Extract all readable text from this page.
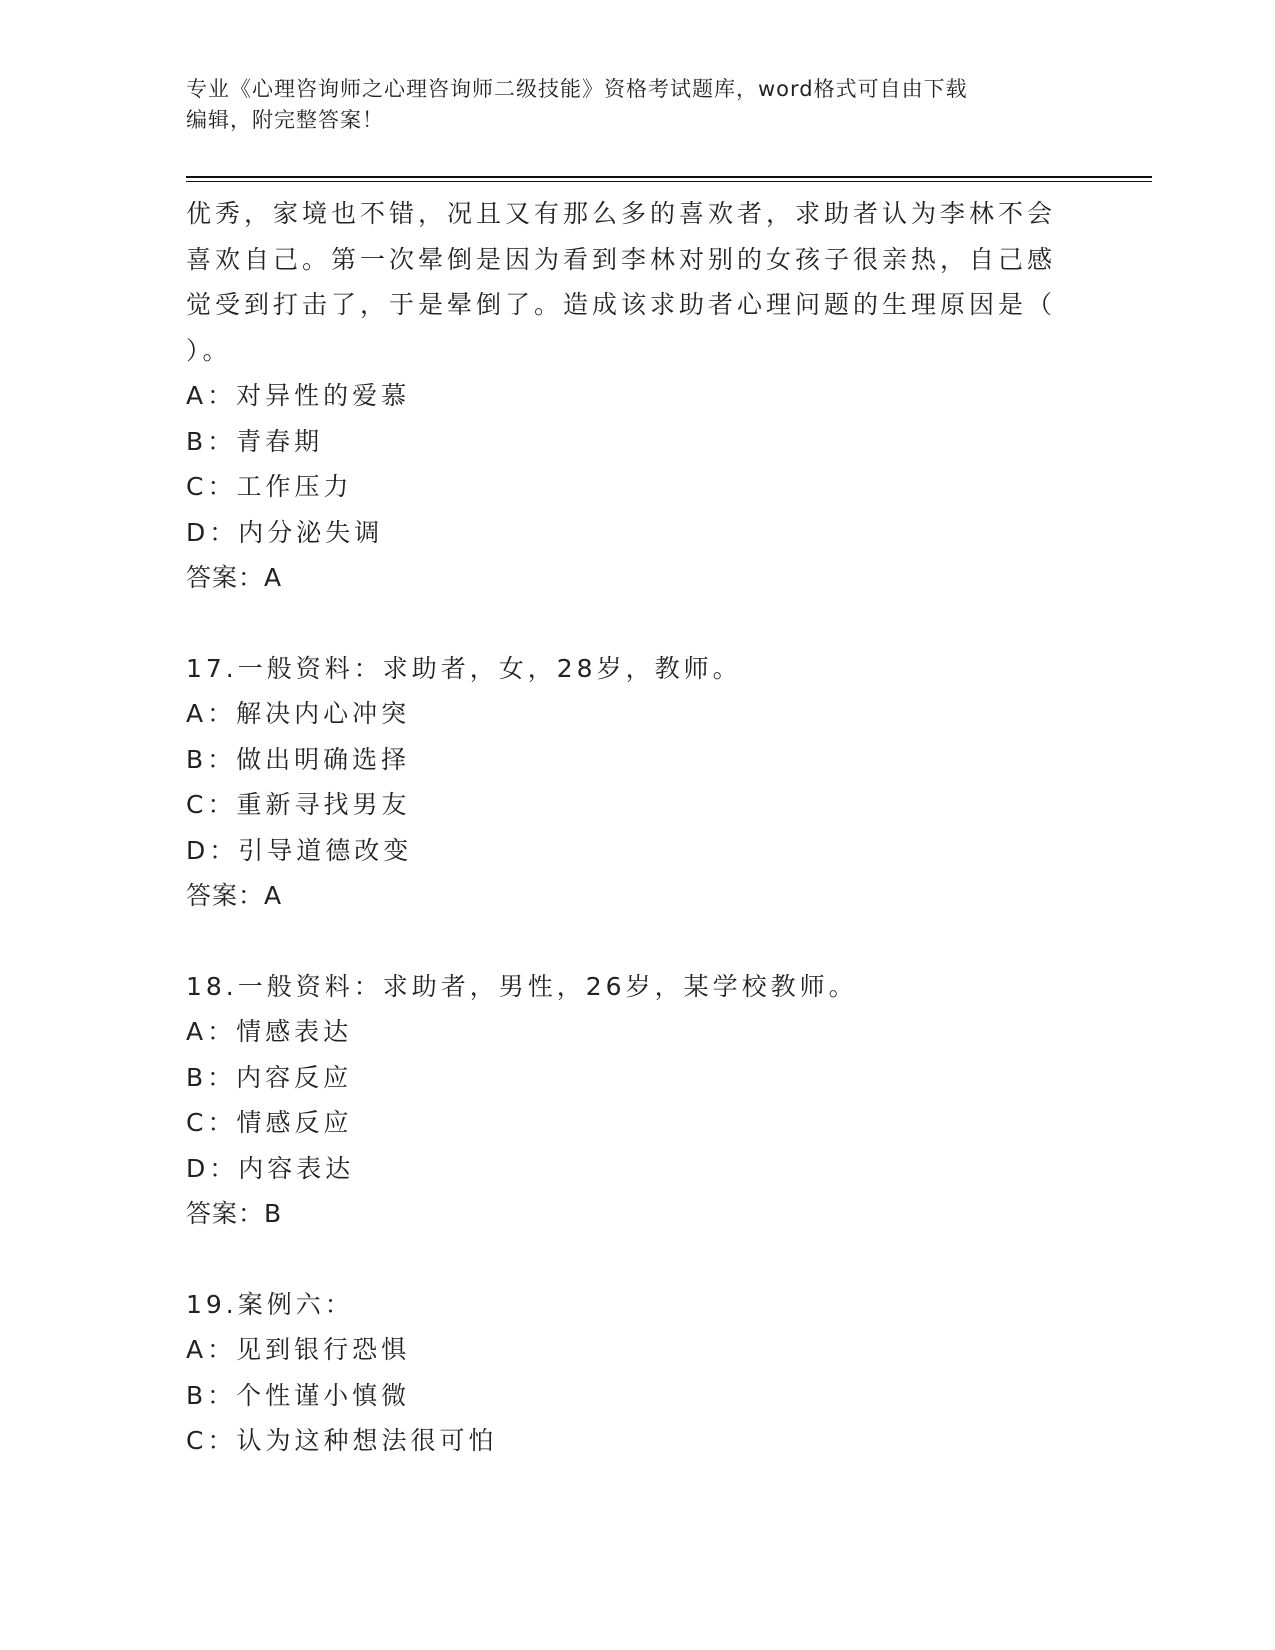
专业《心理咨询师之心理咨询师二级技能》资格考试题库，word格式可自由下载
编辑，附完整答案！
优秀，家境也不错，况且又有那么多的喜欢者，求助者认为李林不会
喜欢自己。第一次晕倒是因为看到李林对别的女孩子很亲热，自己感
觉受到打击了，于是晕倒了。造成该求助者心理问题的生理原因是（
）。
A：对异性的爱慕
B：青春期
C：工作压力
D：内分泌失调
答案：A
17.一般资料：求助者，女，28岁，教师。
A：解决内心冲突
B：做出明确选择
C：重新寻找男友
D：引导道德改变
答案：A
18.一般资料：求助者，男性，26岁，某学校教师。
A：情感表达
B：内容反应
C：情感反应
D：内容表达
答案：B
19.案例六：
A：见到银行恐惧
B：个性谨小慎微
C：认为这种想法很可怕
